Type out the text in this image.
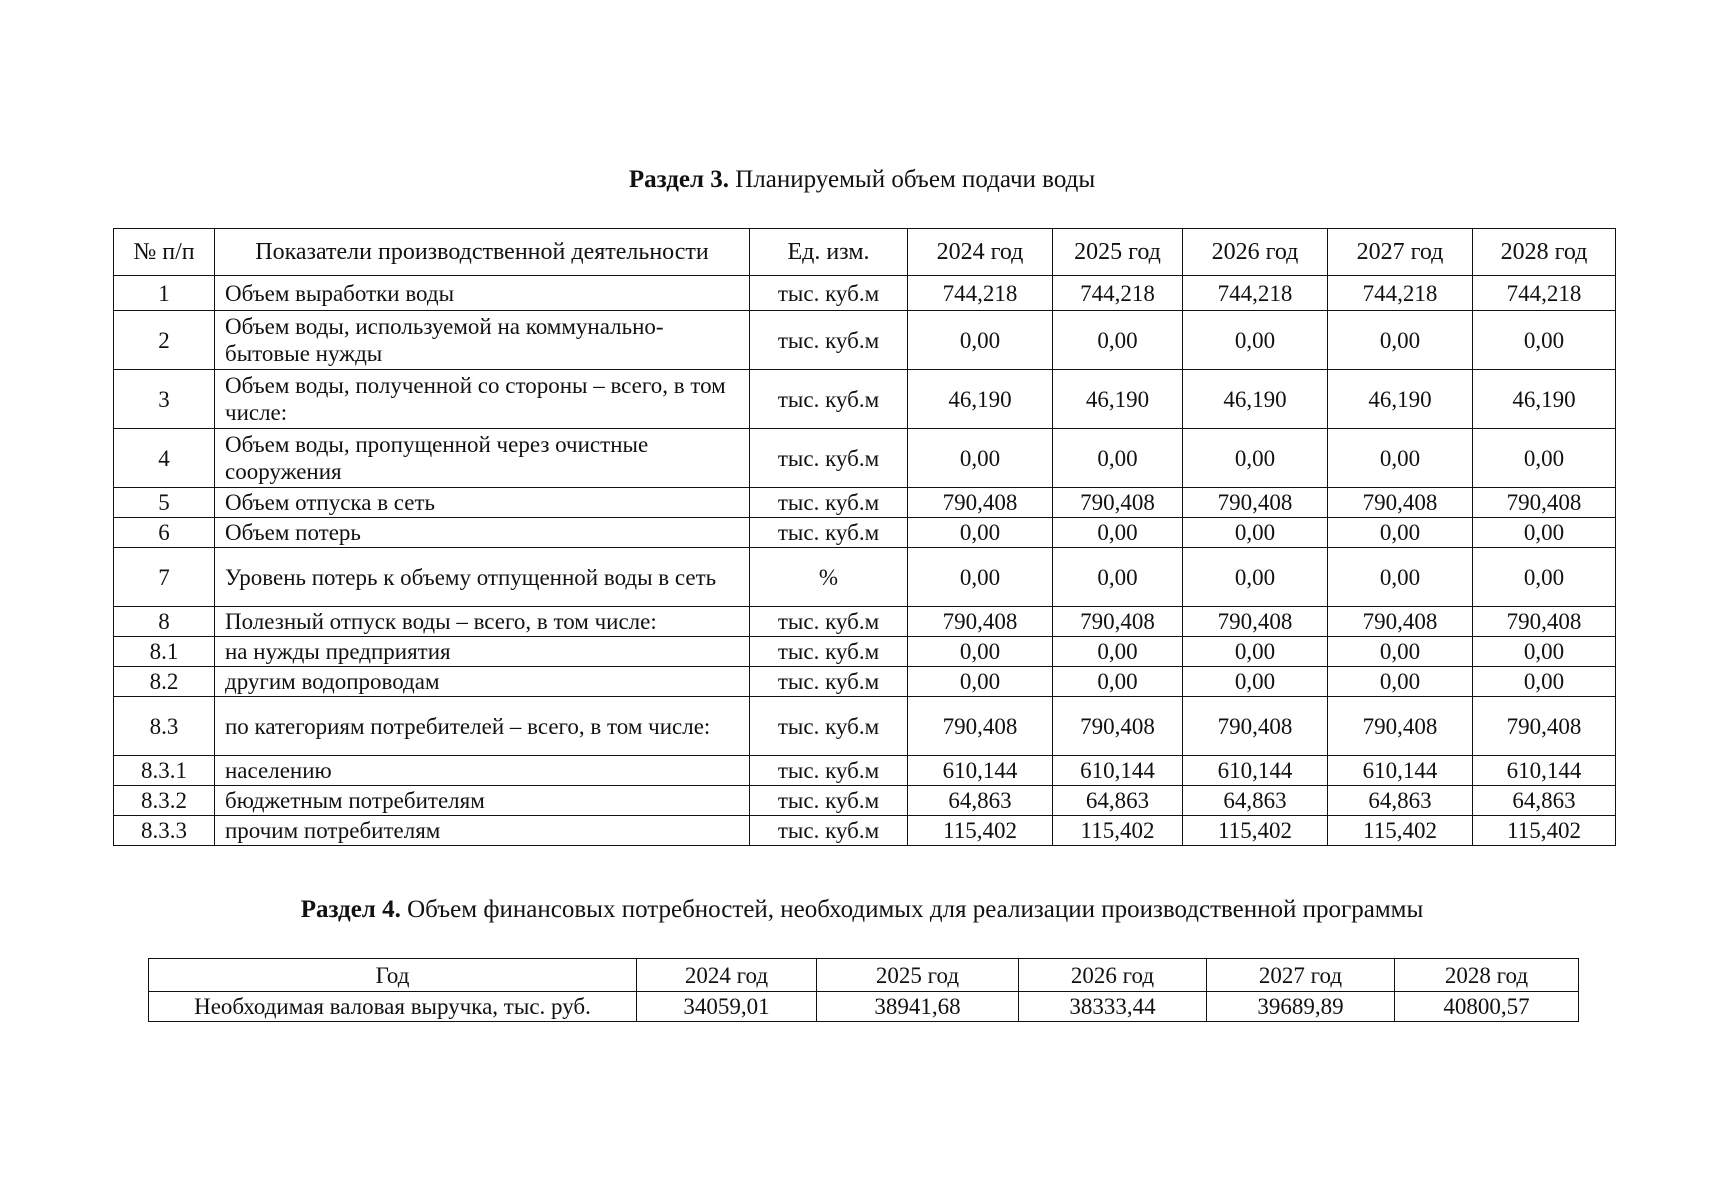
Раздел 3. Планируемый объем подачи воды
№ п/п	Показатели производственной деятельности	Ед. изм.	2024 год	2025 год	2026 год	2027 год	2028 год
1	Объем выработки воды	тыс. куб.м	744,218	744,218	744,218	744,218	744,218
2	Объем воды, используемой на коммунально-бытовые нужды	тыс. куб.м	0,00	0,00	0,00	0,00	0,00
3	Объем воды, полученной со стороны – всего, в том числе:	тыс. куб.м	46,190	46,190	46,190	46,190	46,190
4	Объем воды, пропущенной через очистные сооружения	тыс. куб.м	0,00	0,00	0,00	0,00	0,00
5	Объем отпуска в сеть	тыс. куб.м	790,408	790,408	790,408	790,408	790,408
6	Объем потерь	тыс. куб.м	0,00	0,00	0,00	0,00	0,00
7	Уровень потерь к объему отпущенной воды в сеть	%	0,00	0,00	0,00	0,00	0,00
8	Полезный отпуск воды – всего, в том числе:	тыс. куб.м	790,408	790,408	790,408	790,408	790,408
8.1	на нужды предприятия	тыс. куб.м	0,00	0,00	0,00	0,00	0,00
8.2	другим водопроводам	тыс. куб.м	0,00	0,00	0,00	0,00	0,00
8.3	по категориям потребителей – всего, в том числе:	тыс. куб.м	790,408	790,408	790,408	790,408	790,408
8.3.1	населению	тыс. куб.м	610,144	610,144	610,144	610,144	610,144
8.3.2	бюджетным потребителям	тыс. куб.м	64,863	64,863	64,863	64,863	64,863
8.3.3	прочим потребителям	тыс. куб.м	115,402	115,402	115,402	115,402	115,402
Раздел 4. Объем финансовых потребностей, необходимых для реализации производственной программы
Год	2024 год	2025 год	2026 год	2027 год	2028 год
Необходимая валовая выручка, тыс. руб.	34059,01	38941,68	38333,44	39689,89	40800,57
